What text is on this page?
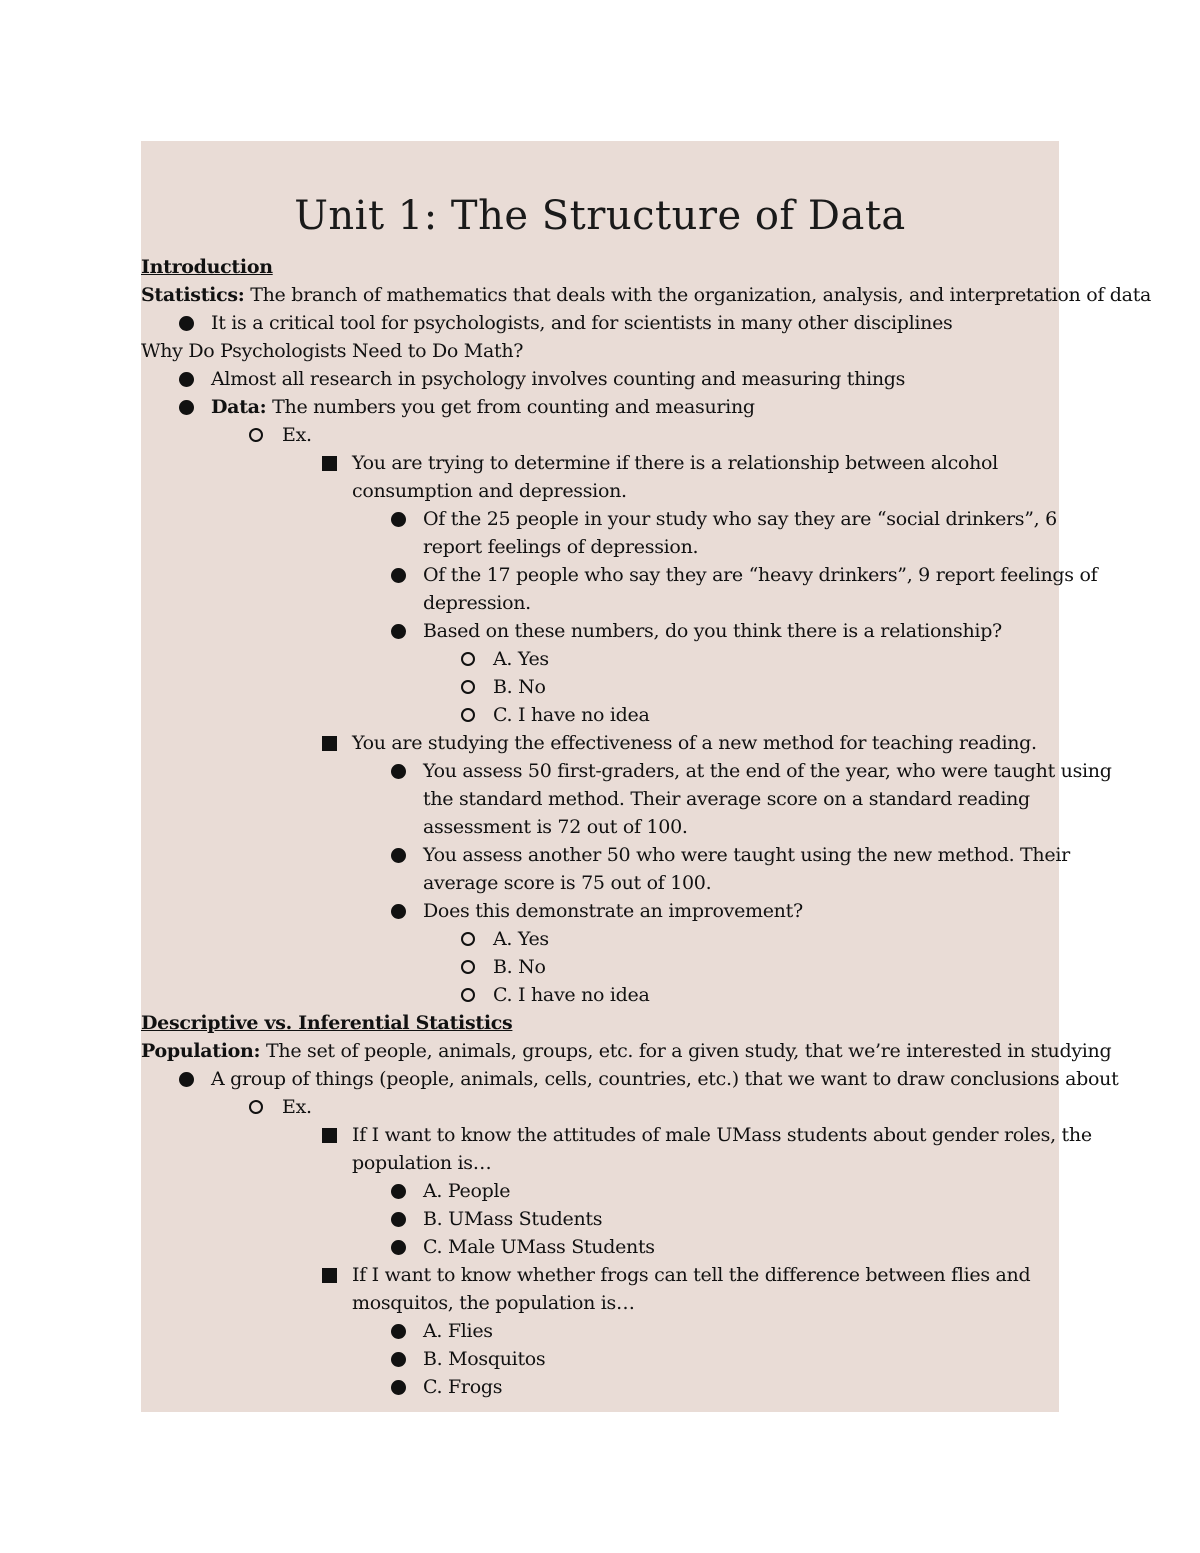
Unit 1: The Structure of Data
Introduction
Statistics: The branch of mathematics that deals with the organization, analysis, and interpretation of data
It is a critical tool for psychologists, and for scientists in many other disciplines
Why Do Psychologists Need to Do Math?
Almost all research in psychology involves counting and measuring things
Data: The numbers you get from counting and measuring
Ex.
You are trying to determine if there is a relationship between alcohol
consumption and depression.
Of the 25 people in your study who say they are “social drinkers”, 6
report feelings of depression.
Of the 17 people who say they are “heavy drinkers”, 9 report feelings of
depression.
Based on these numbers, do you think there is a relationship?
A. Yes
B. No
C. I have no idea
You are studying the effectiveness of a new method for teaching reading.
You assess 50 first-graders, at the end of the year, who were taught using
the standard method. Their average score on a standard reading
assessment is 72 out of 100.
You assess another 50 who were taught using the new method. Their
average score is 75 out of 100.
Does this demonstrate an improvement?
A. Yes
B. No
C. I have no idea
Descriptive vs. Inferential Statistics
Population: The set of people, animals, groups, etc. for a given study, that we’re interested in studying
A group of things (people, animals, cells, countries, etc.) that we want to draw conclusions about
Ex.
If I want to know the attitudes of male UMass students about gender roles, the
population is…
A. People
B. UMass Students
C. Male UMass Students
If I want to know whether frogs can tell the difference between flies and
mosquitos, the population is…
A. Flies
B. Mosquitos
C. Frogs
